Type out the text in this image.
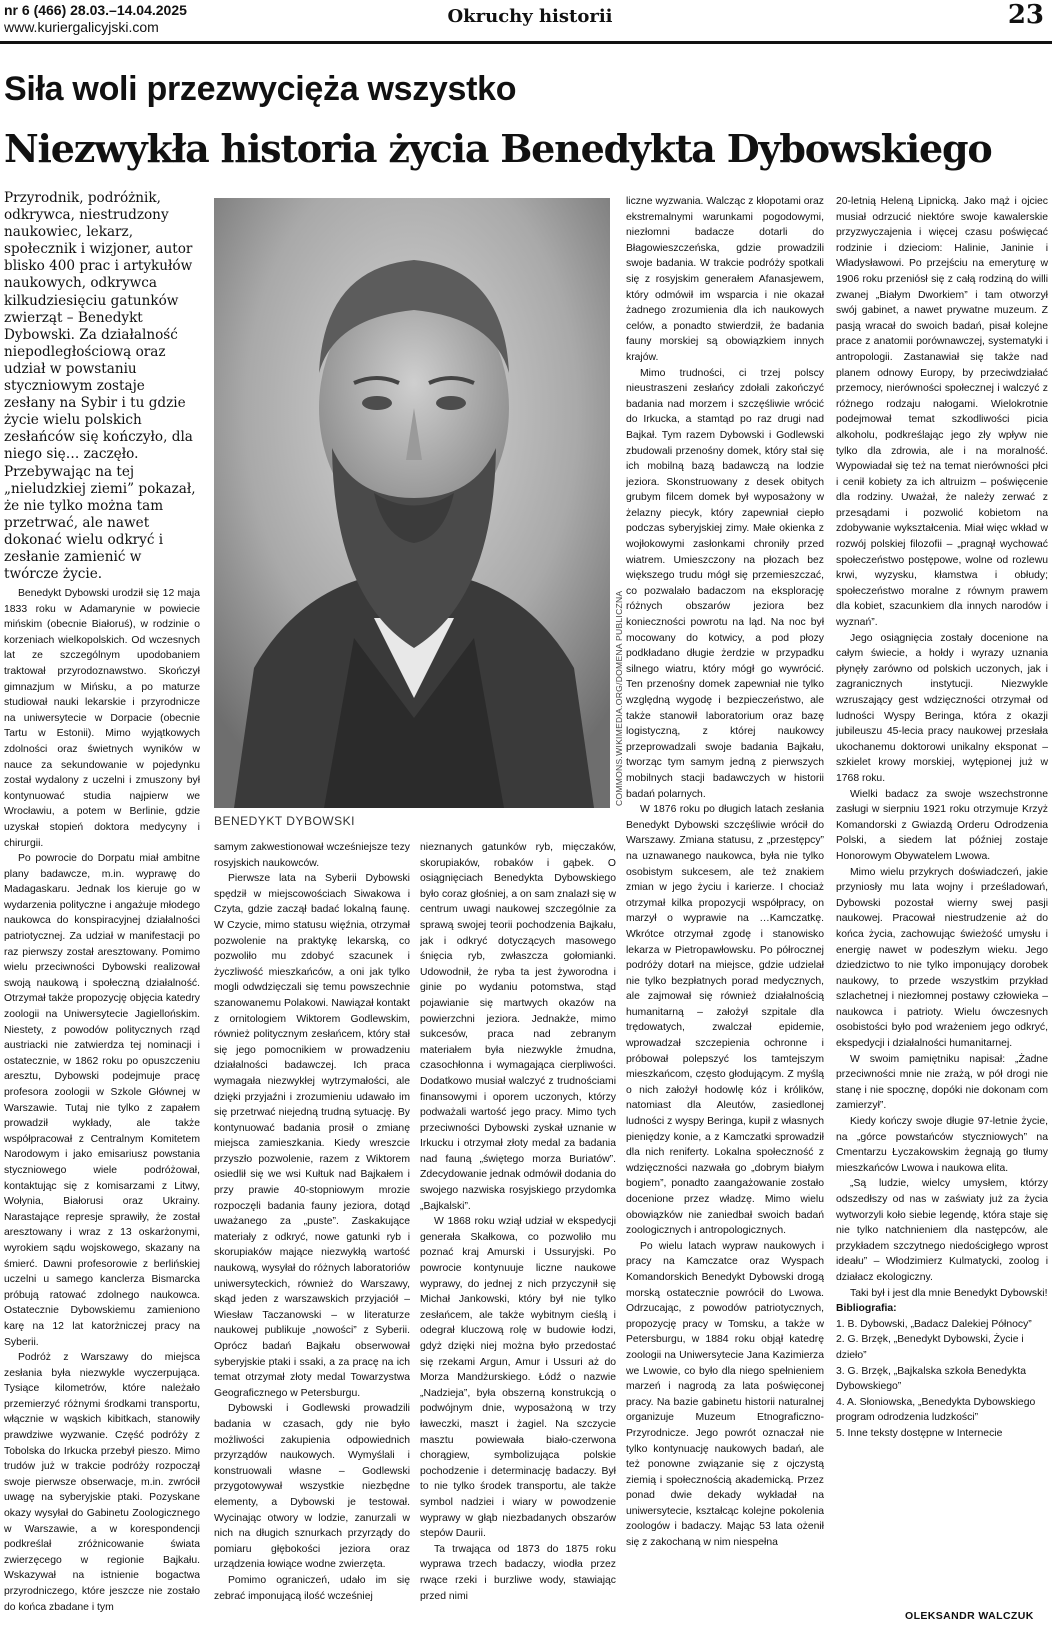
nr 6 (466) 28.03.–14.04.2025
www.kuriergalicyjski.com	Okruchy historii	23
Siła woli przezwycięża wszystko
Niezwykła historia życia Benedykta Dybowskiego
Przyrodnik, podróżnik, odkrywca, niestrudzony naukowiec, lekarz, społecznik i wizjoner, autor blisko 400 prac i artykułów naukowych, odkrywca kilkudziesięciu gatunków zwierząt – Benedykt Dybowski. Za działalność niepodległościową oraz udział w powstaniu styczniowym zostaje zesłany na Sybir i tu gdzie życie wielu polskich zesłańców się kończyło, dla niego się… zaczęło. Przebywając na tej „nieludzkiej ziemi” pokazał, że nie tylko można tam przetrwać, ale nawet dokonać wielu odkryć i zesłanie zamienić w twórcze życie.

Benedykt Dybowski urodził się 12 maja 1833 roku w Adamarynie w powiecie mińskim (obecnie Białoruś), w rodzinie o korzeniach wielkopolskich. Od wczesnych lat ze szczególnym upodobaniem traktował przyrodoznawstwo. Skończył gimnazjum w Mińsku, a po maturze studiował nauki lekarskie i przyrodnicze na uniwersytecie w Dorpacie (obecnie Tartu w Estonii). Mimo wyjątkowych zdolności oraz świetnych wyników w nauce za sekundowanie w pojedynku został wydalony z uczelni i zmuszony był kontynuować studia najpierw we Wrocławiu, a potem w Berlinie, gdzie uzyskał stopień doktora medycyny i chirurgii.

Po powrocie do Dorpatu miał ambitne plany badawcze, m.in. wyprawę do Madagaskaru. Jednak los kieruje go w wydarzenia polityczne i angażuje młodego naukowca do konspiracyjnej działalności patriotycznej. Za udział w manifestacji po raz pierwszy został aresztowany. Pomimo wielu przeciwności Dybowski realizował swoją naukową i społeczną działalność. Otrzymał także propozycję objęcia katedry zoologii na Uniwersytecie Jagiellońskim. Niestety, z powodów politycznych rząd austriacki nie zatwierdza tej nominacji i ostatecznie, w 1862 roku po opuszczeniu aresztu, Dybowski podejmuje pracę profesora zoologii w Szkole Głównej w Warszawie. Tutaj nie tylko z zapałem prowadził wykłady, ale także współpracował z Centralnym Komitetem Narodowym i jako emisariusz powstania styczniowego wiele podróżował, kontaktując się z komisarzami z Litwy, Wołynia, Białorusi oraz Ukrainy. Narastające represje sprawiły, że został aresztowany i wraz z 13 oskarżonymi, wyrokiem sądu wojskowego, skazany na śmierć. Dawni profesorowie z berlińskiej uczelni u samego kanclerza Bismarcka próbują ratować zdolnego naukowca. Ostatecznie Dybowskiemu zamieniono karę na 12 lat katorżniczej pracy na Syberii.

Podróż z Warszawy do miejsca zesłania była niezwykle wyczerpująca. Tysiące kilometrów, które należało przemierzyć różnymi środkami transportu, włącznie w wąskich kibitkach, stanowiły prawdziwe wyzwanie. Część podróży z Tobolska do Irkucka przebył pieszo. Mimo trudów już w trakcie podróży rozpoczął swoje pierwsze obserwacje, m.in. zwrócił uwagę na syberyjskie ptaki. Pozyskane okazy wysyłał do Gabinetu Zoologicznego w Warszawie, a w korespondencji podkreślał zróżnicowanie świata zwierzęcego w regionie Bajkału. Wskazywał na istnienie bogactwa przyrodniczego, które jeszcze nie zostało do końca zbadane i tym

COMMONS.WIKIMEDIA.ORG/DOMENA PUBLICZNA
BENEDYKT DYBOWSKI

samym zakwestionował wcześniejsze tezy rosyjskich naukowców.

Pierwsze lata na Syberii Dybowski spędził w miejscowościach Siwakowa i Czyta, gdzie zaczął badać lokalną faunę. W Czycie, mimo statusu więźnia, otrzymał pozwolenie na praktykę lekarską, co pozwoliło mu zdobyć szacunek i życzliwość mieszkańców, a oni jak tylko mogli odwdzięczali się temu powszechnie szanowanemu Polakowi. Nawiązał kontakt z ornitologiem Wiktorem Godlewskim, również politycznym zesłańcem, który stał się jego pomocnikiem w prowadzeniu działalności badawczej. Ich praca wymagała niezwykłej wytrzymałości, ale dzięki przyjaźni i zrozumieniu udawało im się przetrwać niejedną trudną sytuację. By kontynuować badania prosił o zmianę miejsca zamieszkania. Kiedy wreszcie przyszło pozwolenie, razem z Wiktorem osiedlił się we wsi Kułtuk nad Bajkałem i przy prawie 40-stopniowym mrozie rozpoczęli badania fauny jeziora, dotąd uważanego za „puste”. Zaskakujące materiały z odkryć, nowe gatunki ryb i skorupiaków mające niezwykłą wartość naukową, wysyłał do różnych laboratoriów uniwersyteckich, również do Warszawy, skąd jeden z warszawskich przyjaciół – Wiesław Taczanowski – w literaturze naukowej publikuje „nowości” z Syberii. Oprócz badań Bajkału obserwował syberyjskie ptaki i ssaki, a za pracę na ich temat otrzymał złoty medal Towarzystwa Geograficznego w Petersburgu.

Dybowski i Godlewski prowadzili badania w czasach, gdy nie było możliwości zakupienia odpowiednich przyrządów naukowych. Wymyślali i konstruowali własne – Godlewski przygotowywał wszystkie niezbędne elementy, a Dybowski je testował. Wycinając otwory w lodzie, zanurzali w nich na długich sznurkach przyrządy do pomiaru głębokości jeziora oraz urządzenia łowiące wodne zwierzęta.

Pomimo ograniczeń, udało im się zebrać imponującą ilość wcześniej

nieznanych gatunków ryb, mięczaków, skorupiaków, robaków i gąbek. O osiągnięciach Benedykta Dybowskiego było coraz głośniej, a on sam znalazł się w centrum uwagi naukowej szczególnie za sprawą swojej teorii pochodzenia Bajkału, jak i odkryć dotyczących masowego śnięcia ryb, zwłaszcza gołomianki. Udowodnił, że ryba ta jest żyworodna i ginie po wydaniu potomstwa, stąd pojawianie się martwych okazów na powierzchni jeziora. Jednakże, mimo sukcesów, praca nad zebranym materiałem była niezwykle żmudna, czasochłonna i wymagająca cierpliwości. Dodatkowo musiał walczyć z trudnościami finansowymi i oporem uczonych, którzy podważali wartość jego pracy. Mimo tych przeciwności Dybowski zyskał uznanie w Irkucku i otrzymał złoty medal za badania nad fauną „świętego morza Buriatów”. Zdecydowanie jednak odmówił dodania do swojego nazwiska rosyjskiego przydomka „Bajkalski”.

W 1868 roku wziął udział w ekspedycji generała Skałkowa, co pozwoliło mu poznać kraj Amurski i Ussuryjski. Po powrocie kontynuuje liczne naukowe wyprawy, do jednej z nich przyczynił się Michał Jankowski, który był nie tylko zesłańcem, ale także wybitnym cieślą i odegrał kluczową rolę w budowie łodzi, gdyż dzięki niej można było przedostać się rzekami Argun, Amur i Ussuri aż do Morza Mandżurskiego. Łódź o nazwie „Nadzieja”, była obszerną konstrukcją o podwójnym dnie, wyposażoną w trzy ławeczki, maszt i żagiel. Na szczycie masztu powiewała biało-czerwona chorągiew, symbolizująca polskie pochodzenie i determinację badaczy. Był to nie tylko środek transportu, ale także symbol nadziei i wiary w powodzenie wyprawy w głąb niezbadanych obszarów stepów Daurii.

Ta trwająca od 1873 do 1875 roku wyprawa trzech badaczy, wiodła przez rwące rzeki i burzliwe wody, stawiając przed nimi

liczne wyzwania. Walcząc z kłopotami oraz ekstremalnymi warunkami pogodowymi, niezłomni badacze dotarli do Błagowieszczeńska, gdzie prowadzili swoje badania. W trakcie podróży spotkali się z rosyjskim generałem Afanasjewem, który odmówił im wsparcia i nie okazał żadnego zrozumienia dla ich naukowych celów, a ponadto stwierdził, że badania fauny morskiej są obowiązkiem innych krajów.

Mimo trudności, ci trzej polscy nieustraszeni zesłańcy zdołali zakończyć badania nad morzem i szczęśliwie wrócić do Irkucka, a stamtąd po raz drugi nad Bajkał. Tym razem Dybowski i Godlewski zbudowali przenośny domek, który stał się ich mobilną bazą badawczą na lodzie jeziora. Skonstruowany z desek obitych grubym filcem domek był wyposażony w żelazny piecyk, który zapewniał ciepło podczas syberyjskiej zimy. Małe okienka z wojłokowymi zasłonkami chroniły przed wiatrem. Umieszczony na płozach bez większego trudu mógł się przemieszczać, co pozwalało badaczom na eksplorację różnych obszarów jeziora bez konieczności powrotu na ląd. Na noc był mocowany do kotwicy, a pod płozy podkładano długie żerdzie w przypadku silnego wiatru, który mógł go wywrócić. Ten przenośny domek zapewniał nie tylko względną wygodę i bezpieczeństwo, ale także stanowił laboratorium oraz bazę logistyczną, z której naukowcy przeprowadzali swoje badania Bajkału, tworząc tym samym jedną z pierwszych mobilnych stacji badawczych w historii badań polarnych.

W 1876 roku po długich latach zesłania Benedykt Dybowski szczęśliwie wrócił do Warszawy. Zmiana statusu, z „przestępcy” na uznawanego naukowca, była nie tylko osobistym sukcesem, ale też znakiem zmian w jego życiu i karierze. I chociaż otrzymał kilka propozycji współpracy, on marzył o wyprawie na …Kamczatkę. Wkrótce otrzymał zgodę i stanowisko lekarza w Pietropawłowsku. Po półrocznej podróży dotarł na miejsce, gdzie udzielał nie tylko bezpłatnych porad medycznych, ale zajmował się również działalnością humanitarną – założył szpitale dla trędowatych, zwalczał epidemie, wprowadzał szczepienia ochronne i próbował polepszyć los tamtejszym mieszkańcom, często głodującym. Z myślą o nich założył hodowlę kóz i królików, natomiast dla Aleutów, zasiedlonej ludności z wyspy Beringa, kupił z własnych pieniędzy konie, a z Kamczatki sprowadził dla nich reniferty. Lokalna społeczność z wdzięczności nazwała go „dobrym białym bogiem”, ponadto zaangażowanie zostało docenione przez władzę. Mimo wielu obowiązków nie zaniedbał swoich badań zoologicznych i antropologicznych.

Po wielu latach wypraw naukowych i pracy na Kamczatce oraz Wyspach Komandorskich Benedykt Dybowski drogą morską ostatecznie powrócił do Lwowa. Odrzucając, z powodów patriotycznych, propozycję pracy w Tomsku, a także w Petersburgu, w 1884 roku objął katedrę zoologii na Uniwersytecie Jana Kazimierza we Lwowie, co było dla niego spełnieniem marzeń i nagrodą za lata poświęconej pracy. Na bazie gabinetu historii naturalnej organizuje Muzeum Etnograficzno-Przyrodnicze. Jego powrót oznaczał nie tylko kontynuację naukowych badań, ale też ponowne związanie się z ojczystą ziemią i społecznością akademicką. Przez ponad dwie dekady wykładał na uniwersytecie, kształcąc kolejne pokolenia zoologów i badaczy. Mając 53 lata ożenił się z zakochaną w nim niespełna

20-letnią Heleną Lipnicką. Jako mąż i ojciec musiał odrzucić niektóre swoje kawalerskie przyzwyczajenia i więcej czasu poświęcać rodzinie i dzieciom: Halinie, Janinie i Władysławowi. Po przejściu na emeryturę w 1906 roku przeniósł się z całą rodziną do willi zwanej „Białym Dworkiem” i tam otworzył swój gabinet, a nawet prywatne muzeum. Z pasją wracał do swoich badań, pisał kolejne prace z anatomii porównawczej, systematyki i antropologii. Zastanawiał się także nad planem odnowy Europy, by przeciwdziałać przemocy, nierówności społecznej i walczyć z różnego rodzaju nałogami. Wielokrotnie podejmował temat szkodliwości picia alkoholu, podkreślając jego zły wpływ nie tylko dla zdrowia, ale i na moralność. Wypowiadał się też na temat nierówności płci i cenił kobiety za ich altruizm – poświęcenie dla rodziny. Uważał, że należy zerwać z przesądami i pozwolić kobietom na zdobywanie wykształcenia. Miał więc wkład w rozwój polskiej filozofii – „pragnął wychować społeczeństwo postępowe, wolne od rozlewu krwi, wyzysku, kłamstwa i obłudy; społeczeństwo moralne z równym prawem dla kobiet, szacunkiem dla innych narodów i wyznań”.

Jego osiągnięcia zostały docenione na całym świecie, a hołdy i wyrazy uznania płynęły zarówno od polskich uczonych, jak i zagranicznych instytucji. Niezwykle wzruszający gest wdzięczności otrzymał od ludności Wyspy Beringa, która z okazji jubileuszu 45-lecia pracy naukowej przesłała ukochanemu doktorowi unikalny eksponat – szkielet krowy morskiej, wytępionej już w 1768 roku.

Wielki badacz za swoje wszechstronne zasługi w sierpniu 1921 roku otrzymuje Krzyż Komandorski z Gwiazdą Orderu Odrodzenia Polski, a siedem lat później zostaje Honorowym Obywatelem Lwowa.

Mimo wielu przykrych doświadczeń, jakie przyniosły mu lata wojny i prześladowań, Dybowski pozostał wierny swej pasji naukowej. Pracował niestrudzenie aż do końca życia, zachowując świeżość umysłu i energię nawet w podeszłym wieku. Jego dziedzictwo to nie tylko imponujący dorobek naukowy, to przede wszystkim przykład szlachetnej i niezłomnej postawy człowieka – naukowca i patrioty. Wielu ówczesnych osobistości było pod wrażeniem jego odkryć, ekspedycji i działalności humanitarnej.

W swoim pamiętniku napisał: „Żadne przeciwności mnie nie zrażą, w pół drogi nie stanę i nie spocznę, dopóki nie dokonam com zamierzył”.

Kiedy kończy swoje długie 97-letnie życie, na „górce powstańców styczniowych” na Cmentarzu Łyczakowskim żegnają go tłumy mieszkańców Lwowa i naukowa elita.

„Są ludzie, wielcy umysłem, którzy odszedłszy od nas w zaświaty już za życia wytworzyli koło siebie legendę, która staje się nie tylko natchnieniem dla następców, ale przykładem szczytnego niedościgłego wprost ideału” – Włodzimierz Kulmatycki, zoolog i działacz ekologiczny.

Taki był i jest dla mnie Benedykt Dybowski!

Bibliografia:

1. B. Dybowski, „Badacz Dalekiej Północy”

2. G. Brzęk, „Benedykt Dybowski, Życie i dzieło”

3. G. Brzęk, „Bajkalska szkoła Benedykta Dybowskiego”

4. A. Słoniowska, „Benedykta Dybowskiego program odrodzenia ludzkości”

5. Inne teksty dostępne w Internecie

OLEKSANDR WALCZUK
